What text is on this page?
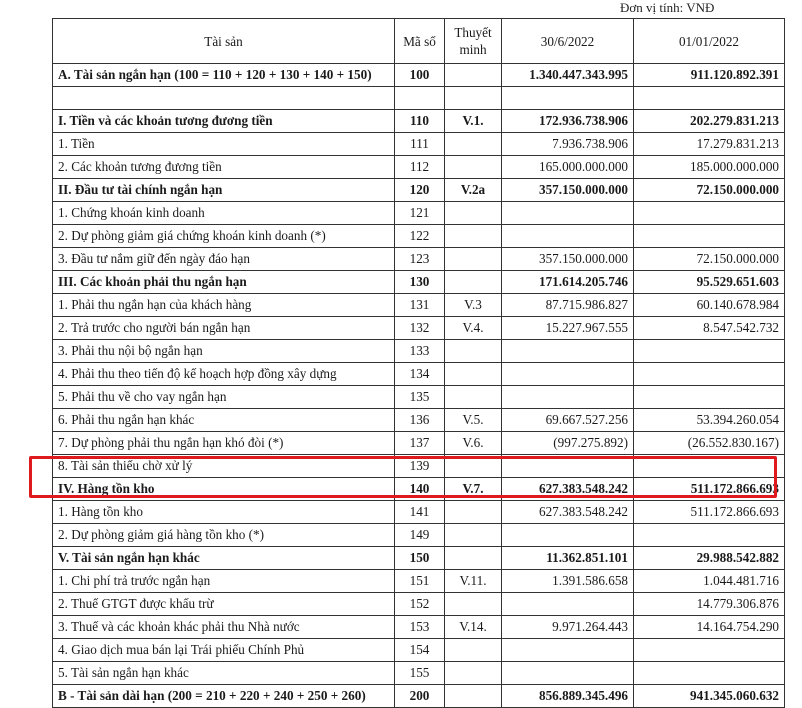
Đơn vị tính: VNĐ
Tài sản	Mã số	Thuyết minh	30/6/2022	01/01/2022
A. Tài sản ngắn hạn (100 = 110 + 120 + 130 + 140 + 150)	100		1.340.447.343.995	911.120.892.391

I. Tiền và các khoản tương đương tiền	110	V.1.	172.936.738.906	202.279.831.213
1. Tiền	111		7.936.738.906	17.279.831.213
2. Các khoản tương đương tiền	112		165.000.000.000	185.000.000.000
II. Đầu tư tài chính ngắn hạn	120	V.2a	357.150.000.000	72.150.000.000
1. Chứng khoán kinh doanh	121			
2. Dự phòng giảm giá chứng khoán kinh doanh (*)	122			
3. Đầu tư nắm giữ đến ngày đáo hạn	123		357.150.000.000	72.150.000.000
III. Các khoản phải thu ngắn hạn	130		171.614.205.746	95.529.651.603
1. Phải thu ngắn hạn của khách hàng	131	V.3	87.715.986.827	60.140.678.984
2. Trả trước cho người bán ngắn hạn	132	V.4.	15.227.967.555	8.547.542.732
3. Phải thu nội bộ ngắn hạn	133			
4. Phải thu theo tiến độ kế hoạch hợp đồng xây dựng	134			
5. Phải thu về cho vay ngắn hạn	135			
6. Phải thu ngắn hạn khác	136	V.5.	69.667.527.256	53.394.260.054
7. Dự phòng phải thu ngắn hạn khó đòi (*)	137	V.6.	(997.275.892)	(26.552.830.167)
8. Tài sản thiếu chờ xử lý	139			
IV. Hàng tồn kho	140	V.7.	627.383.548.242	511.172.866.693
1. Hàng tồn kho	141		627.383.548.242	511.172.866.693
2. Dự phòng giảm giá hàng tồn kho (*)	149			
V. Tài sản ngắn hạn khác	150		11.362.851.101	29.988.542.882
1. Chi phí trả trước ngắn hạn	151	V.11.	1.391.586.658	1.044.481.716
2. Thuế GTGT được khấu trừ	152			14.779.306.876
3. Thuế và các khoản khác phải thu Nhà nước	153	V.14.	9.971.264.443	14.164.754.290
4. Giao dịch mua bán lại Trái phiếu Chính Phủ	154			
5. Tài sản ngắn hạn khác	155			
B - Tài sản dài hạn (200 = 210 + 220 + 240 + 250 + 260)	200		856.889.345.496	941.345.060.632
